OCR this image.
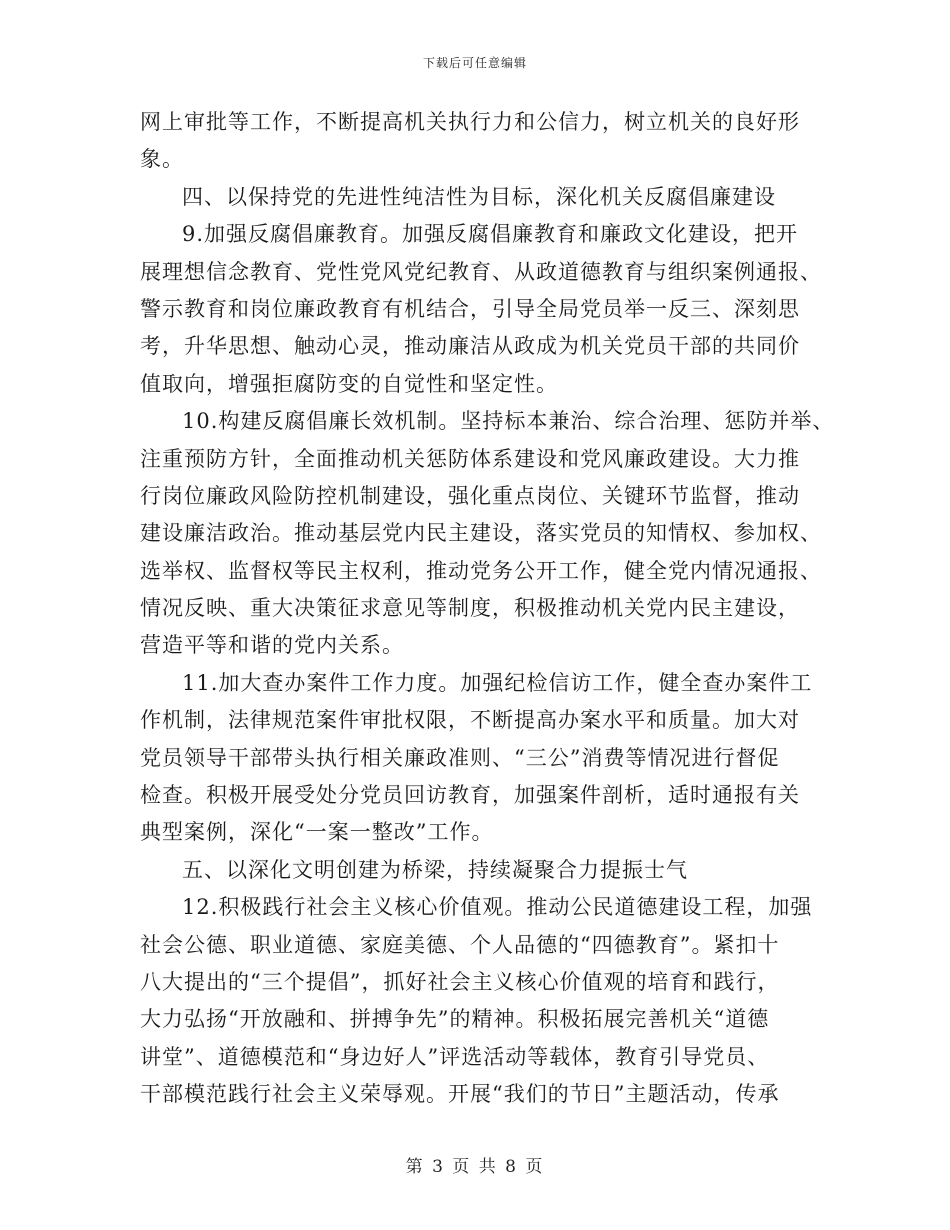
下载后可任意编辑
网上审批等工作，不断提高机关执行力和公信力，树立机关的良好形
象。
四、以保持党的先进性纯洁性为目标，深化机关反腐倡廉建设
9.加强反腐倡廉教育。加强反腐倡廉教育和廉政文化建设，把开
展理想信念教育、党性党风党纪教育、从政道德教育与组织案例通报、
警示教育和岗位廉政教育有机结合，引导全局党员举一反三、深刻思
考，升华思想、触动心灵，推动廉洁从政成为机关党员干部的共同价
值取向，增强拒腐防变的自觉性和坚定性。
10.构建反腐倡廉长效机制。坚持标本兼治、综合治理、惩防并举、
注重预防方针，全面推动机关惩防体系建设和党风廉政建设。大力推
行岗位廉政风险防控机制建设，强化重点岗位、关键环节监督，推动
建设廉洁政治。推动基层党内民主建设，落实党员的知情权、参加权、
选举权、监督权等民主权利，推动党务公开工作，健全党内情况通报、
情况反映、重大决策征求意见等制度，积极推动机关党内民主建设，
营造平等和谐的党内关系。
11.加大查办案件工作力度。加强纪检信访工作，健全查办案件工
作机制，法律规范案件审批权限，不断提高办案水平和质量。加大对
党员领导干部带头执行相关廉政准则、“三公”消费等情况进行督促
检查。积极开展受处分党员回访教育，加强案件剖析，适时通报有关
典型案例，深化“一案一整改”工作。
五、以深化文明创建为桥梁，持续凝聚合力提振士气
12.积极践行社会主义核心价值观。推动公民道德建设工程，加强
社会公德、职业道德、家庭美德、个人品德的“四德教育”。紧扣十
八大提出的“三个提倡”，抓好社会主义核心价值观的培育和践行，
大力弘扬“开放融和、拼搏争先”的精神。积极拓展完善机关“道德
讲堂”、道德模范和“身边好人”评选活动等载体，教育引导党员、
干部模范践行社会主义荣辱观。开展“我们的节日”主题活动，传承
第 3 页 共 8 页
